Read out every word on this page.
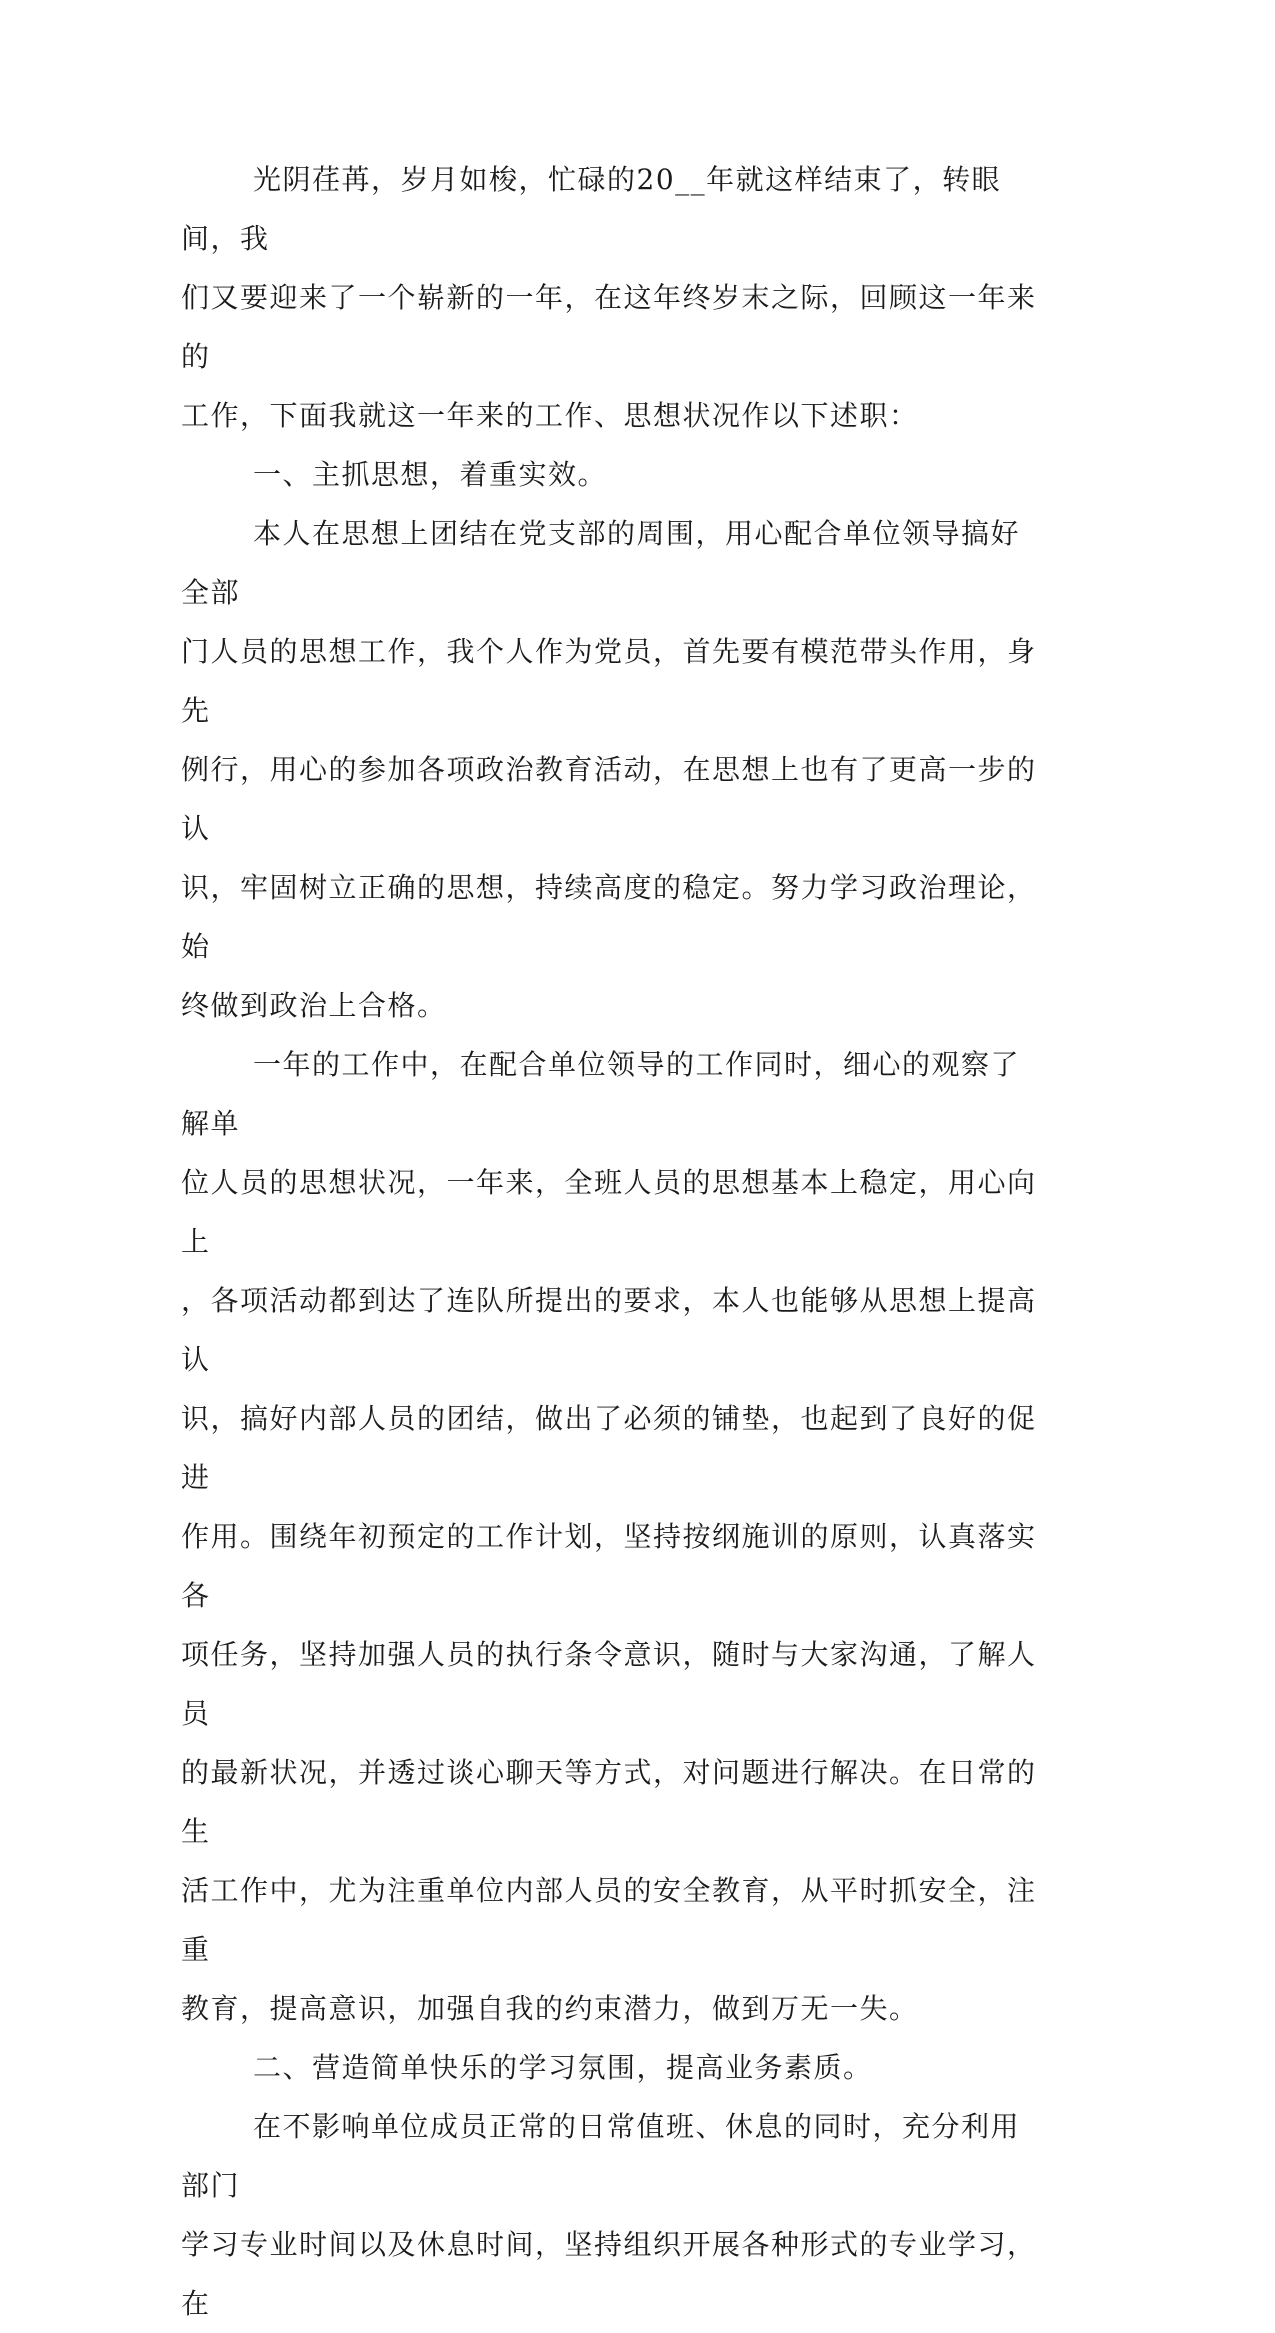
光阴荏苒，岁月如梭，忙碌的20__年就这样结束了，转眼间，我
们又要迎来了一个崭新的一年，在这年终岁末之际，回顾这一年来的
工作，下面我就这一年来的工作、思想状况作以下述职：

一、主抓思想，着重实效。

本人在思想上团结在党支部的周围，用心配合单位领导搞好全部
门人员的思想工作，我个人作为党员，首先要有模范带头作用，身先
例行，用心的参加各项政治教育活动，在思想上也有了更高一步的认
识，牢固树立正确的思想，持续高度的稳定。努力学习政治理论，始
终做到政治上合格。

一年的工作中，在配合单位领导的工作同时，细心的观察了解单
位人员的思想状况，一年来，全班人员的思想基本上稳定，用心向上
，各项活动都到达了连队所提出的要求，本人也能够从思想上提高认
识，搞好内部人员的团结，做出了必须的铺垫，也起到了良好的促进
作用。围绕年初预定的工作计划，坚持按纲施训的原则，认真落实各
项任务，坚持加强人员的执行条令意识，随时与大家沟通，了解人员
的最新状况，并透过谈心聊天等方式，对问题进行解决。在日常的生
活工作中，尤为注重单位内部人员的安全教育，从平时抓安全，注重
教育，提高意识，加强自我的约束潜力，做到万无一失。

二、营造简单快乐的学习氛围，提高业务素质。

在不影响单位成员正常的日常值班、休息的同时，充分利用部门
学习专业时间以及休息时间，坚持组织开展各种形式的专业学习，在
